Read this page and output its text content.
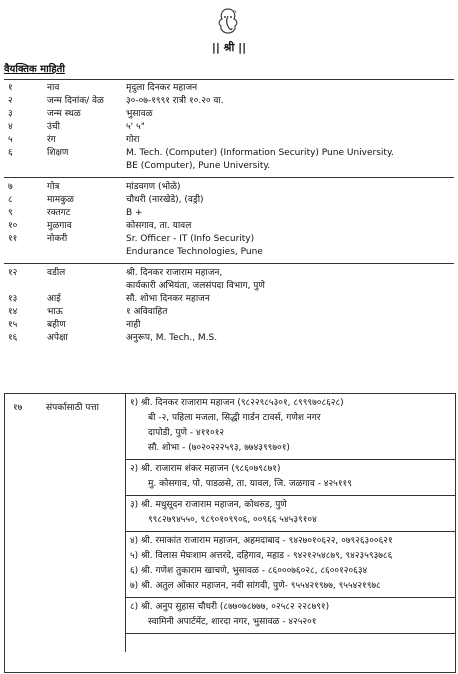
|| श्री ||
वैयक्तिक माहिती
१	नाव	मृदुला दिनकर महाजन

२	जन्म दिनांक/ वेळ	३०-०७-१९९१ रात्री १०.२० वा.

३	जन्म स्थळ	भुसावळ

४	उंची	५' ५"

५	रंग	गोरा

६	शिक्षण	M. Tech. (Computer) (Information Security) Pune University.
BE (Computer), Pune University.

७	गोत्र	मांडवगण (भोळे)

८	मामकुळ	चौधरी (नारखेडे), (वड्री)

९	रक्तगट	B +

१०	मुळगाव	कोसगाव, ता. यावल

११	नोकरी	Sr. Officer - IT (Info Security)
Endurance Technologies, Pune

१२	वडील	श्री. दिनकर राजाराम महाजन,
कार्यकारी अभियंता, जलसंपदा विभाग, पुणे

१३	आई	सौ. शोभा दिनकर महाजन

१४	भाऊ	१ अविवाहित

१५	बहीण	नाही

१६	अपेक्षा	अनुरूप, M. Tech., M.S.
१७	संपर्कासाठी पत्ता	१) श्री. दिनकर राजाराम महाजन (९८२२९८५३०१, ८९९९७०८६२८)
बी -२, पहिला मजला, सिद्धी गार्डन टावर्स, गणेश नगर
दापोडी, पुणे - ४११०१२
सौ. शोभा - (७०२०२२२५९३, ७७४३९९७०१)
२) श्री. राजाराम शंकर महाजन (९८६०७९८७१)
मु. कोसगाव, पो. पाडळसे, ता. यावल, जि. जळगाव - ४२५११९
३) श्री. मधुसूदन राजाराम महाजन, कोथरुड, पुणे
९९८२७९४५५०, ९८९०१०९९०६, ००९६६ ५४५३९१०४
४) श्री. रमाकांत राजाराम महाजन, अहमदाबाद - ९४२७०१०६२२, ०७९२६३००६२१
५) श्री. विलास मेघःशाम अत्तरदे, दहिगाव, महाड - ९४२१२५४८७९, ९४२३५९३७८६
६) श्री. गणेश तुकाराम खाचणे, भुसावळ - ८६०००७६०२८, ८६००१२०६३४
७) श्री. अतुल ओंकार महाजन, नवी सांगवी, पुणे- ९५५४२१९७७, ९५५४२१९७८
८) श्री. अनुप सुहास चौधरी (८७७०७८७७७, ०२५८२ २२८७९१)
स्वामिनी अपार्टमेंट, शारदा नगर, भुसावळ - ४२५२०१
